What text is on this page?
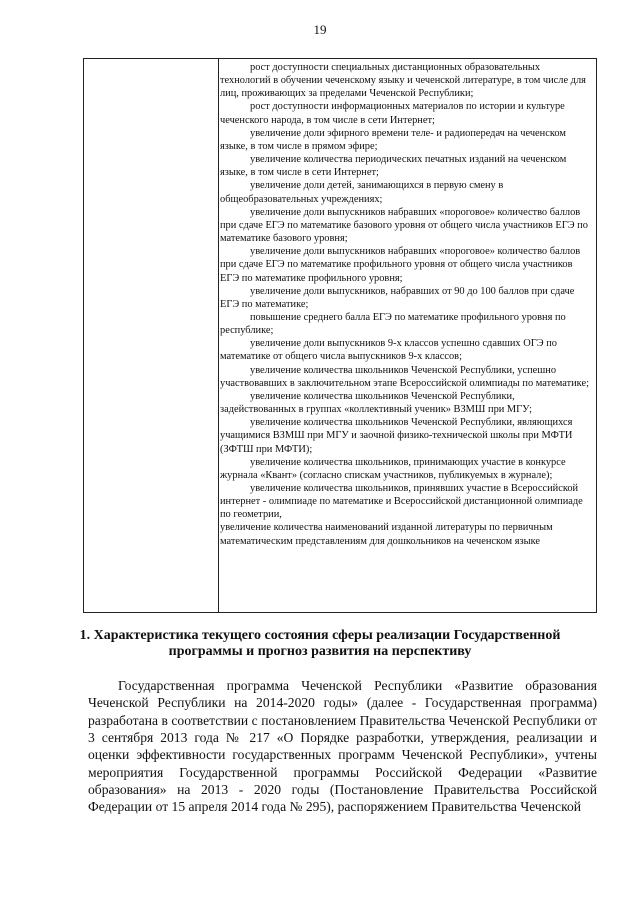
19

рост доступности специальных дистанционных образовательных технологий в обучении чеченскому языку и чеченской литературе, в том числе для лиц, проживающих за пределами Чеченской Республики;

рост доступности информационных материалов по истории и культуре чеченского народа, в том числе в сети Интернет;

увеличение доли эфирного времени теле- и радиопередач на чеченском языке, в том числе в прямом эфире;

увеличение количества периодических печатных изданий на чеченском языке, в том числе в сети Интернет;

увеличение доли детей, занимающихся в первую смену в общеобразовательных учреждениях;

увеличение доли выпускников набравших «пороговое» количество баллов при сдаче ЕГЭ по математике базового уровня от общего числа участников ЕГЭ по математике базового уровня;

увеличение доли выпускников набравших «пороговое» количество баллов при сдаче ЕГЭ по математике профильного уровня от общего числа участников ЕГЭ по математике профильного уровня;

увеличение доли выпускников, набравших от 90 до 100 баллов при сдаче ЕГЭ по математике;

повышение среднего балла ЕГЭ по математике профильного уровня по республике;

увеличение доли выпускников 9-х классов успешно сдавших ОГЭ по математике от общего числа выпускников 9-х классов;

увеличение количества школьников Чеченской Республики, успешно участвовавших в заключительном этапе Всероссийской олимпиады по математике;

увеличение количества школьников Чеченской Республики, задействованных в группах «коллективный ученик» ВЗМШ при МГУ;

увеличение количества школьников Чеченской Республики, являющихся учащимися ВЗМШ при МГУ и заочной физико-технической школы при МФТИ (ЗФТШ при МФТИ);

увеличение количества школьников, принимающих участие в конкурсе журнала «Квант» (согласно спискам участников, публикуемых в журнале);

увеличение количества школьников, принявших участие в Всероссийской интернет - олимпиаде по математике и Всероссийской дистанционной олимпиаде по геометрии,

увеличение количества наименований изданной литературы по первичным математическим представлениям для дошкольников на чеченском языке

1. Характеристика текущего состояния сферы реализации Государственной программы и прогноз развития на перспективу
Государственная программа Чеченской Республики «Развитие образования Чеченской Республики на 2014-2020 годы» (далее - Государственная программа) разработана в соответствии с постановлением Правительства Чеченской Республики от 3 сентября 2013 года № 217 «О Порядке разработки, утверждения, реализации и оценки эффективности государственных программ Чеченской Республики», учтены мероприятия Государственной программы Российской Федерации «Развитие образования» на 2013 - 2020 годы (Постановление Правительства Российской Федерации от 15 апреля 2014 года № 295), распоряжением Правительства Чеченской
